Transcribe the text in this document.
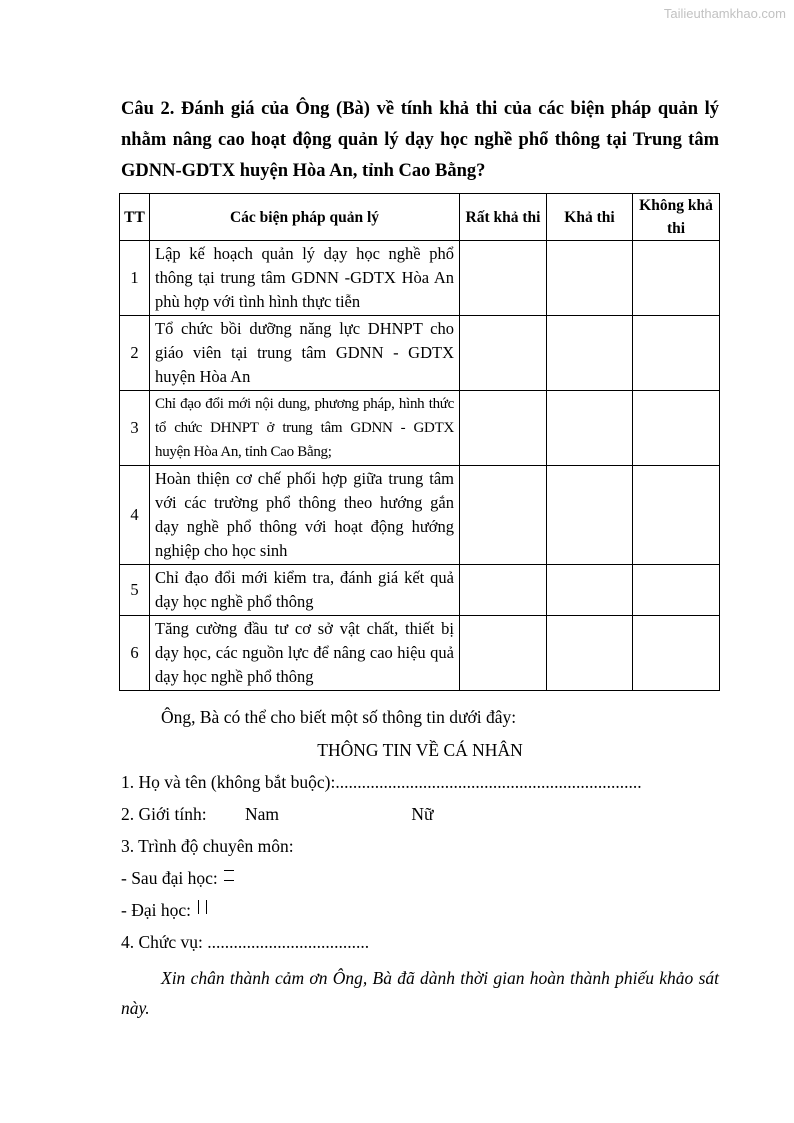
Tailieuthamkhao.com

Câu 2. Đánh giá của Ông (Bà) về tính khả thi của các biện pháp quản lý nhằm nâng cao hoạt động quản lý dạy học nghề phổ thông tại Trung tâm GDNN-GDTX huyện Hòa An, tỉnh Cao Bằng?

TT	Các biện pháp quản lý	Rất khả thi	Khả thi	Không khả thi
1	Lập kế hoạch quản lý dạy học nghề phổ thông tại trung tâm GDNN -GDTX Hòa An phù hợp với tình hình thực tiễn			
2	Tổ chức bồi dưỡng năng lực DHNPT cho giáo viên tại trung tâm GDNN - GDTX huyện Hòa An			
3	Chỉ đạo đổi mới nội dung, phương pháp, hình thức tổ chức DHNPT ở trung tâm GDNN - GDTX huyện Hòa An, tỉnh Cao Bằng;			
4	Hoàn thiện cơ chế phối hợp giữa trung tâm với các trường phổ thông theo hướng gắn dạy nghề phổ thông với hoạt động hướng nghiệp cho học sinh			
5	Chỉ đạo đổi mới kiểm tra, đánh giá kết quả dạy học nghề phổ thông			
6	Tăng cường đầu tư cơ sở vật chất, thiết bị dạy học, các nguồn lực để nâng cao hiệu quả dạy học nghề phổ thông			
Ông, Bà có thể cho biết một số thông tin dưới đây:
THÔNG TIN VỀ CÁ NHÂN
1. Họ và tên (không bắt buộc):......................................................................
2. Giới tính: Nam	Nữ
3. Trình độ chuyên môn:
- Sau đại học:
- Đại học:
4. Chức vụ: .....................................
Xin chân thành cảm ơn Ông, Bà đã dành thời gian hoàn thành phiếu khảo sát này.
